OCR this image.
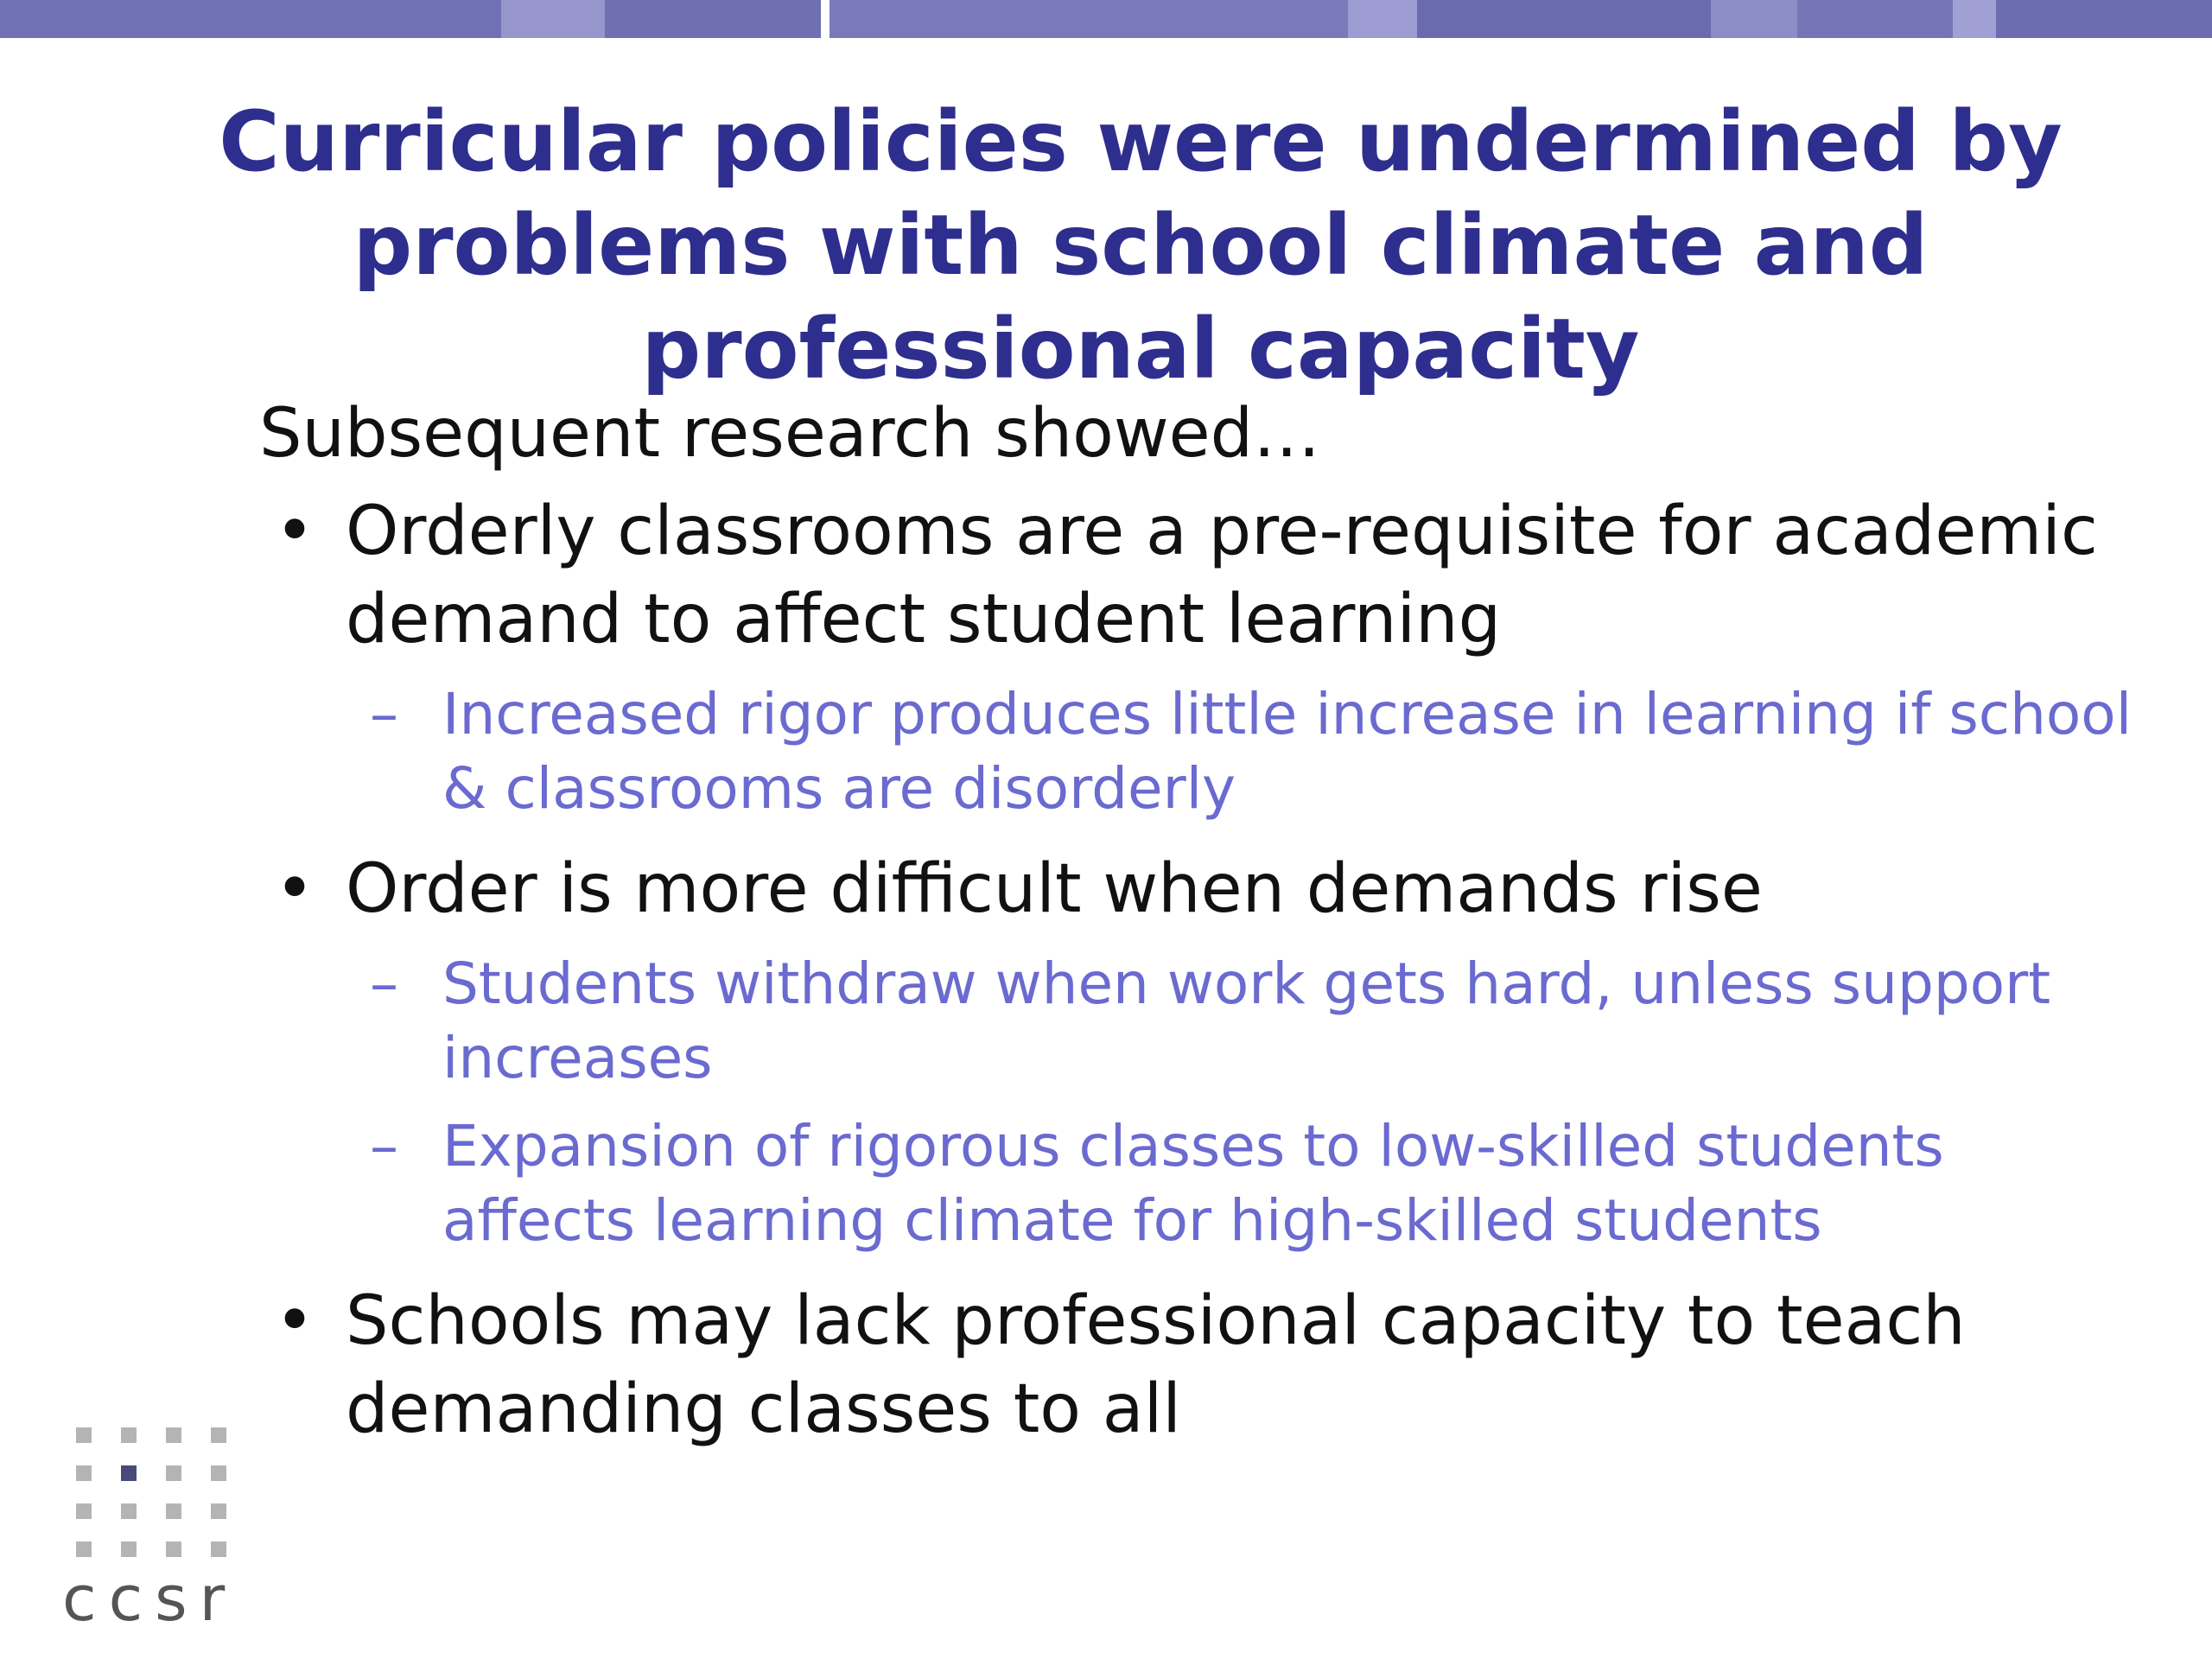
Curricular policies were undermined by
problems with school climate and
professional capacity

Subsequent research showed…

• Orderly classrooms are a pre-requisite for academic demand to affect student learning
– Increased rigor produces little increase in learning if school & classrooms are disorderly
• Order is more difficult when demands rise
– Students withdraw when work gets hard, unless support increases
– Expansion of rigorous classes to low-skilled students affects learning climate for high-skilled students
• Schools may lack professional capacity to teach demanding classes to all
ccsr
